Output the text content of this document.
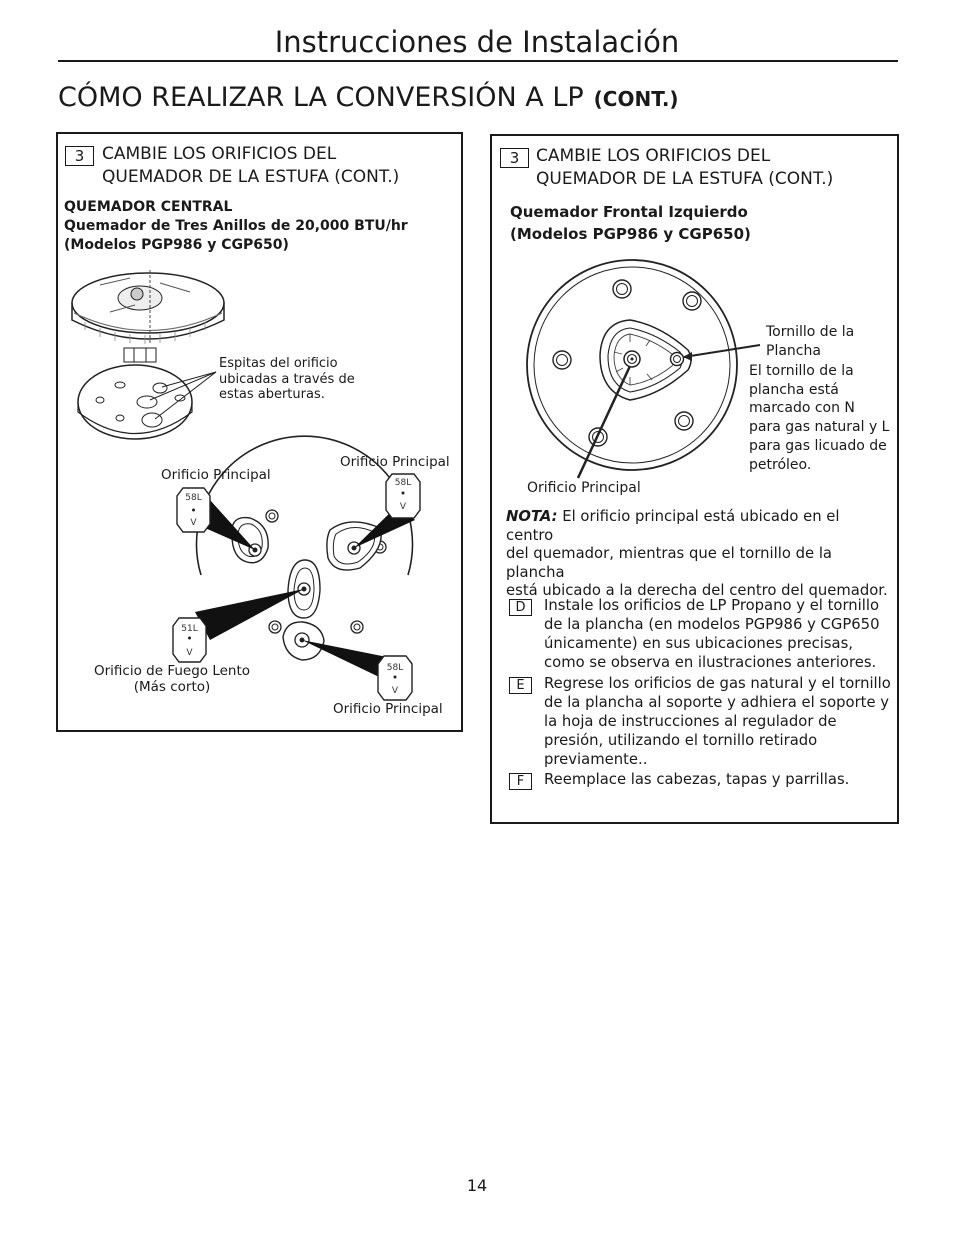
Instrucciones de Instalación
CÓMO REALIZAR LA CONVERSIÓN A LP (CONT.)
3	CAMBIE LOS ORIFICIOS DEL
QUEMADOR DE LA ESTUFA (CONT.)
QUEMADOR CENTRAL
Quemador de Tres Anillos de 20,000 BTU/hr
(Modelos PGP986 y CGP650)
Espitas del orificio
ubicadas a través de
estas aberturas.
58L
V
58L
V
51L
V
58L
V
Orificio Principal
Orificio Principal
Orificio de Fuego Lento
(Más corto)
Orificio Principal
3 CAMBIE LOS ORIFICIOS DEL
QUEMADOR DE LA ESTUFA (CONT.)
Quemador Frontal Izquierdo
(Modelos PGP986 y CGP650)
Tornillo de la
Plancha
El tornillo de la
plancha está
marcado con N
para gas natural y L
para gas licuado de
petróleo.
Orificio Principal
NOTA: El orificio principal está ubicado en el centro
del quemador, mientras que el tornillo de la plancha
está ubicado a la derecha del centro del quemador.
D	Instale los orificios de LP Propano y el tornillo
de la plancha (en modelos PGP986 y CGP650
únicamente) en sus ubicaciones precisas,
como se observa en ilustraciones anteriores.
E	Regrese los orificios de gas natural y el tornillo
de la plancha al soporte y adhiera el soporte y
la hoja de instrucciones al regulador de
presión, utilizando el tornillo retirado
previamente..
F	Reemplace las cabezas, tapas y parrillas.
14
